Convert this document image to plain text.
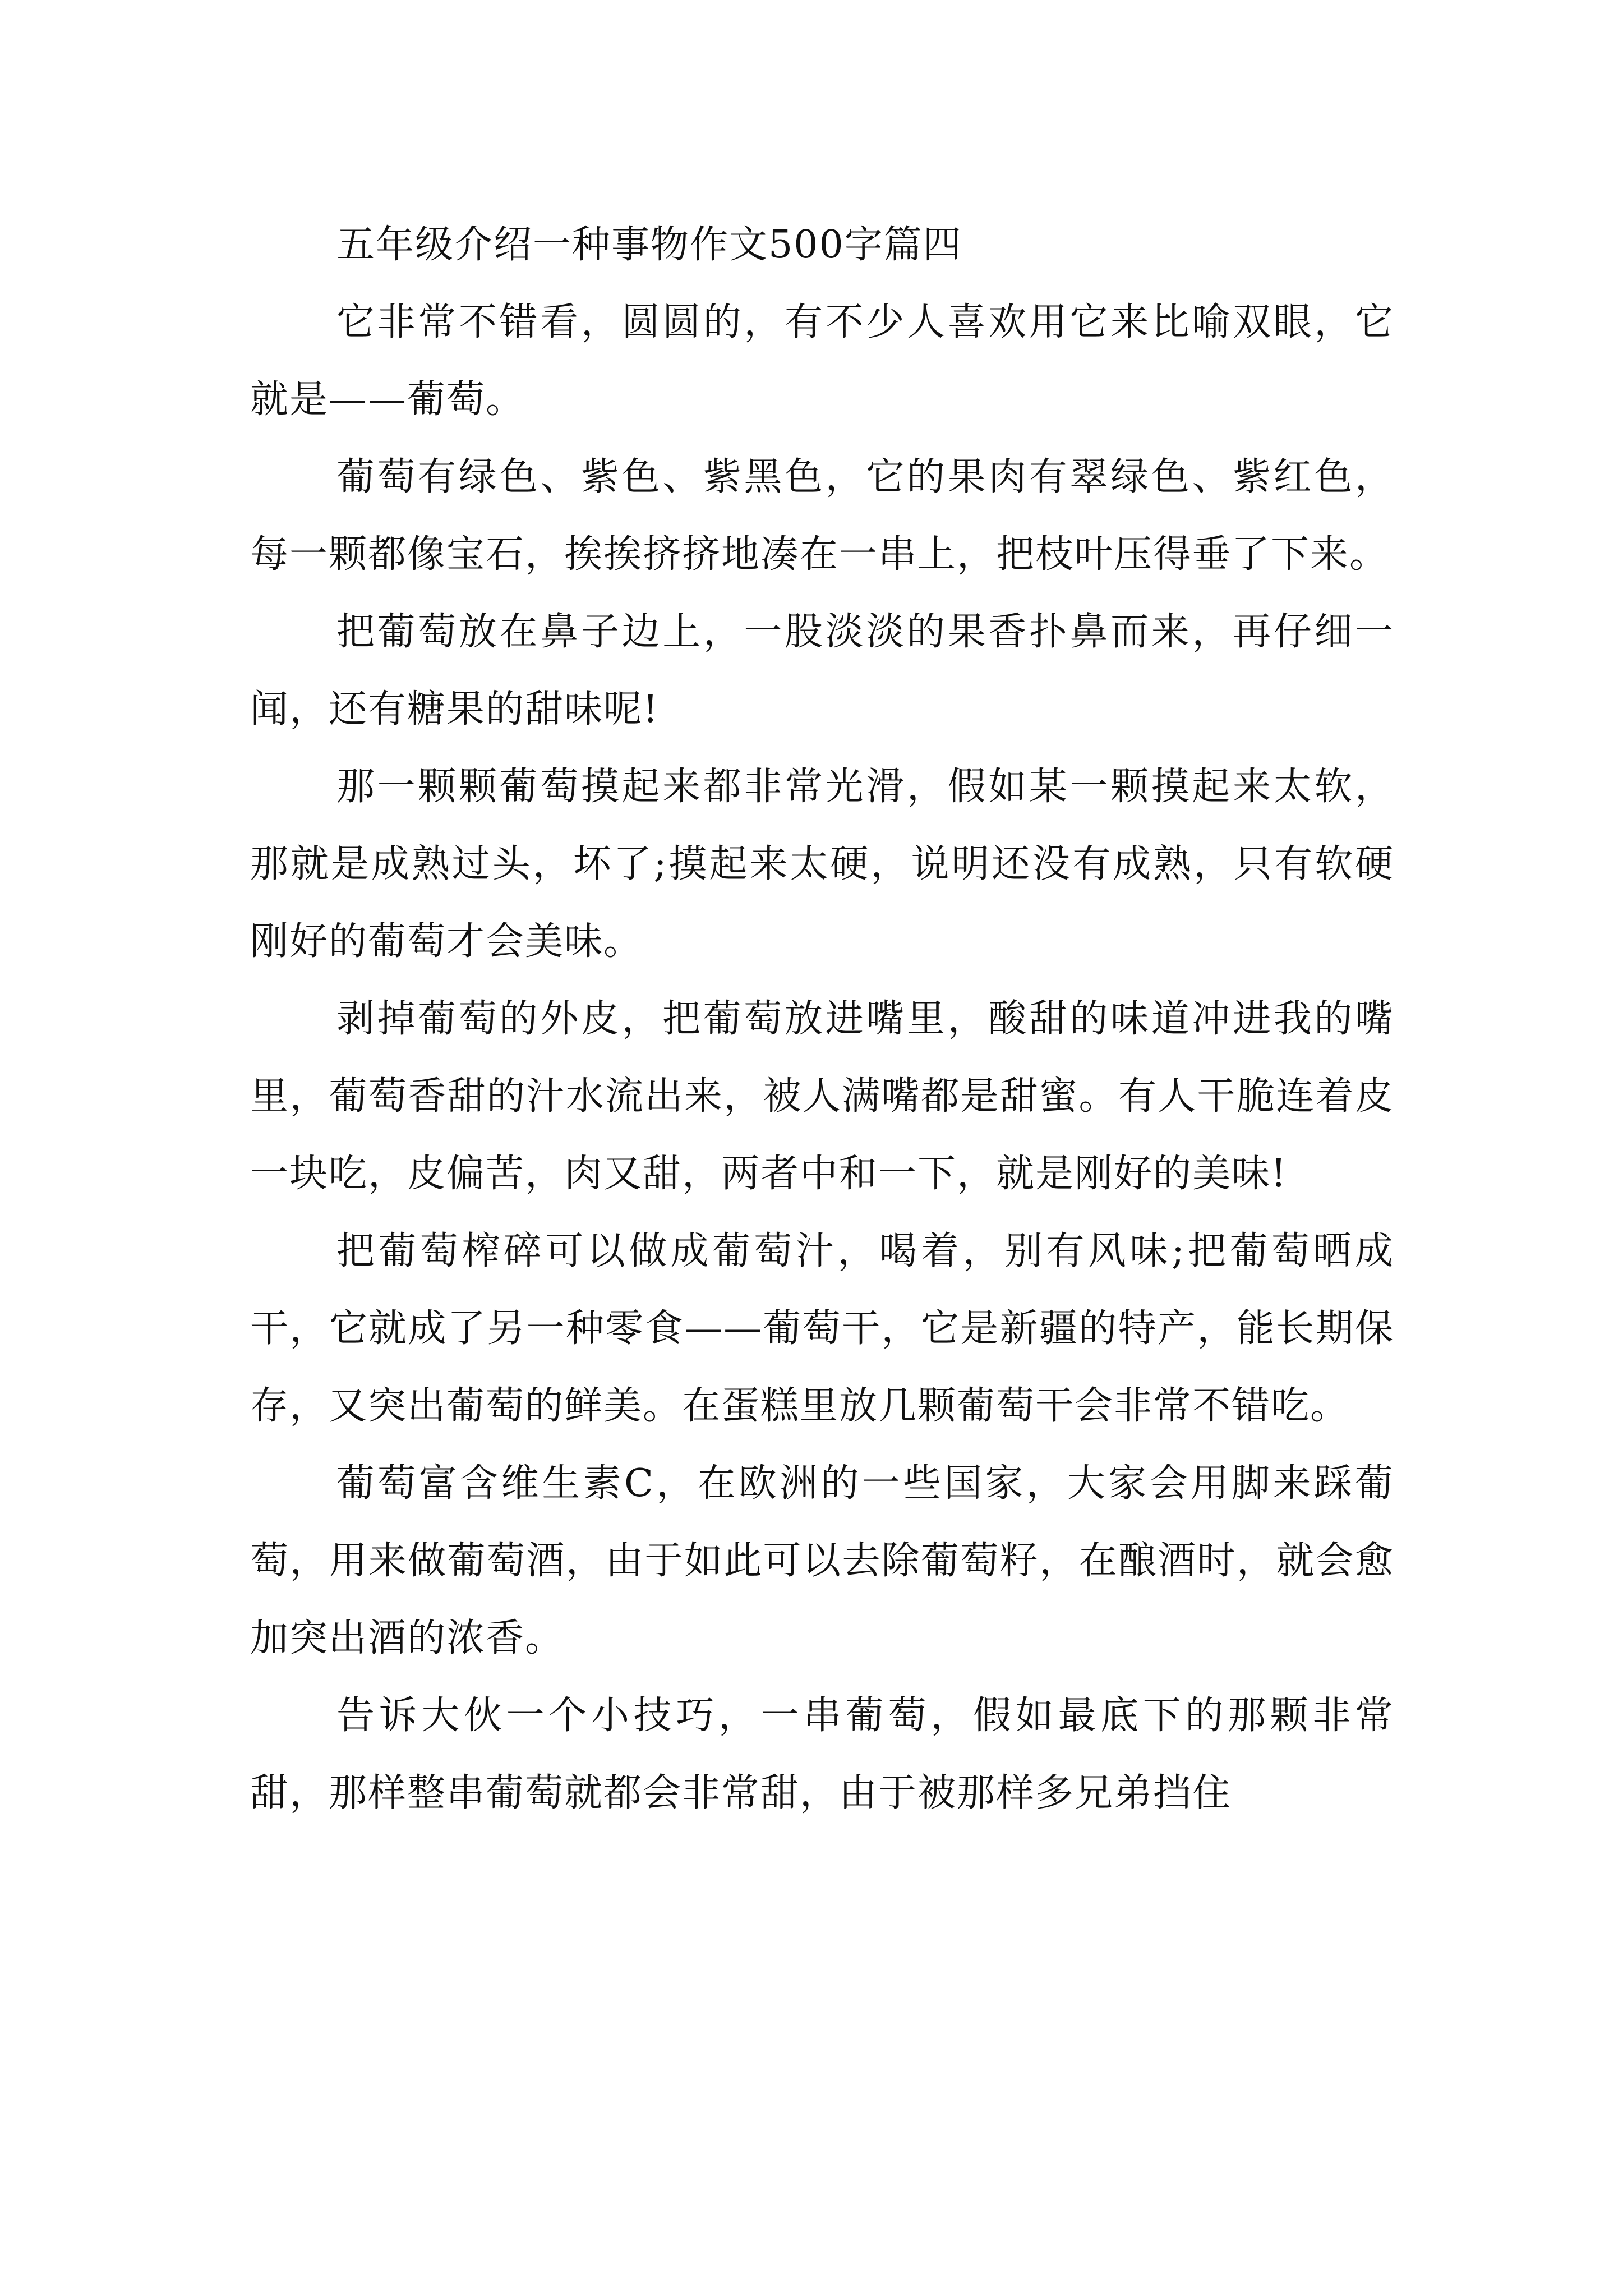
五年级介绍一种事物作文500字篇四

它非常不错看，圆圆的，有不少人喜欢用它来比喻双眼，它就是——葡萄。

葡萄有绿色、紫色、紫黑色，它的果肉有翠绿色、紫红色，每一颗都像宝石，挨挨挤挤地凑在一串上，把枝叶压得垂了下来。

把葡萄放在鼻子边上，一股淡淡的果香扑鼻而来，再仔细一闻，还有糖果的甜味呢!

那一颗颗葡萄摸起来都非常光滑，假如某一颗摸起来太软，那就是成熟过头，坏了;摸起来太硬，说明还没有成熟，只有软硬刚好的葡萄才会美味。

剥掉葡萄的外皮，把葡萄放进嘴里，酸甜的味道冲进我的嘴里，葡萄香甜的汁水流出来，被人满嘴都是甜蜜。有人干脆连着皮一块吃，皮偏苦，肉又甜，两者中和一下，就是刚好的美味!

把葡萄榨碎可以做成葡萄汁，喝着，别有风味;把葡萄晒成干，它就成了另一种零食——葡萄干，它是新疆的特产，能长期保存，又突出葡萄的鲜美。在蛋糕里放几颗葡萄干会非常不错吃。

葡萄富含维生素C，在欧洲的一些国家，大家会用脚来踩葡萄，用来做葡萄酒，由于如此可以去除葡萄籽，在酿酒时，就会愈加突出酒的浓香。

告诉大伙一个小技巧，一串葡萄，假如最底下的那颗非常甜，那样整串葡萄就都会非常甜，由于被那样多兄弟挡住
